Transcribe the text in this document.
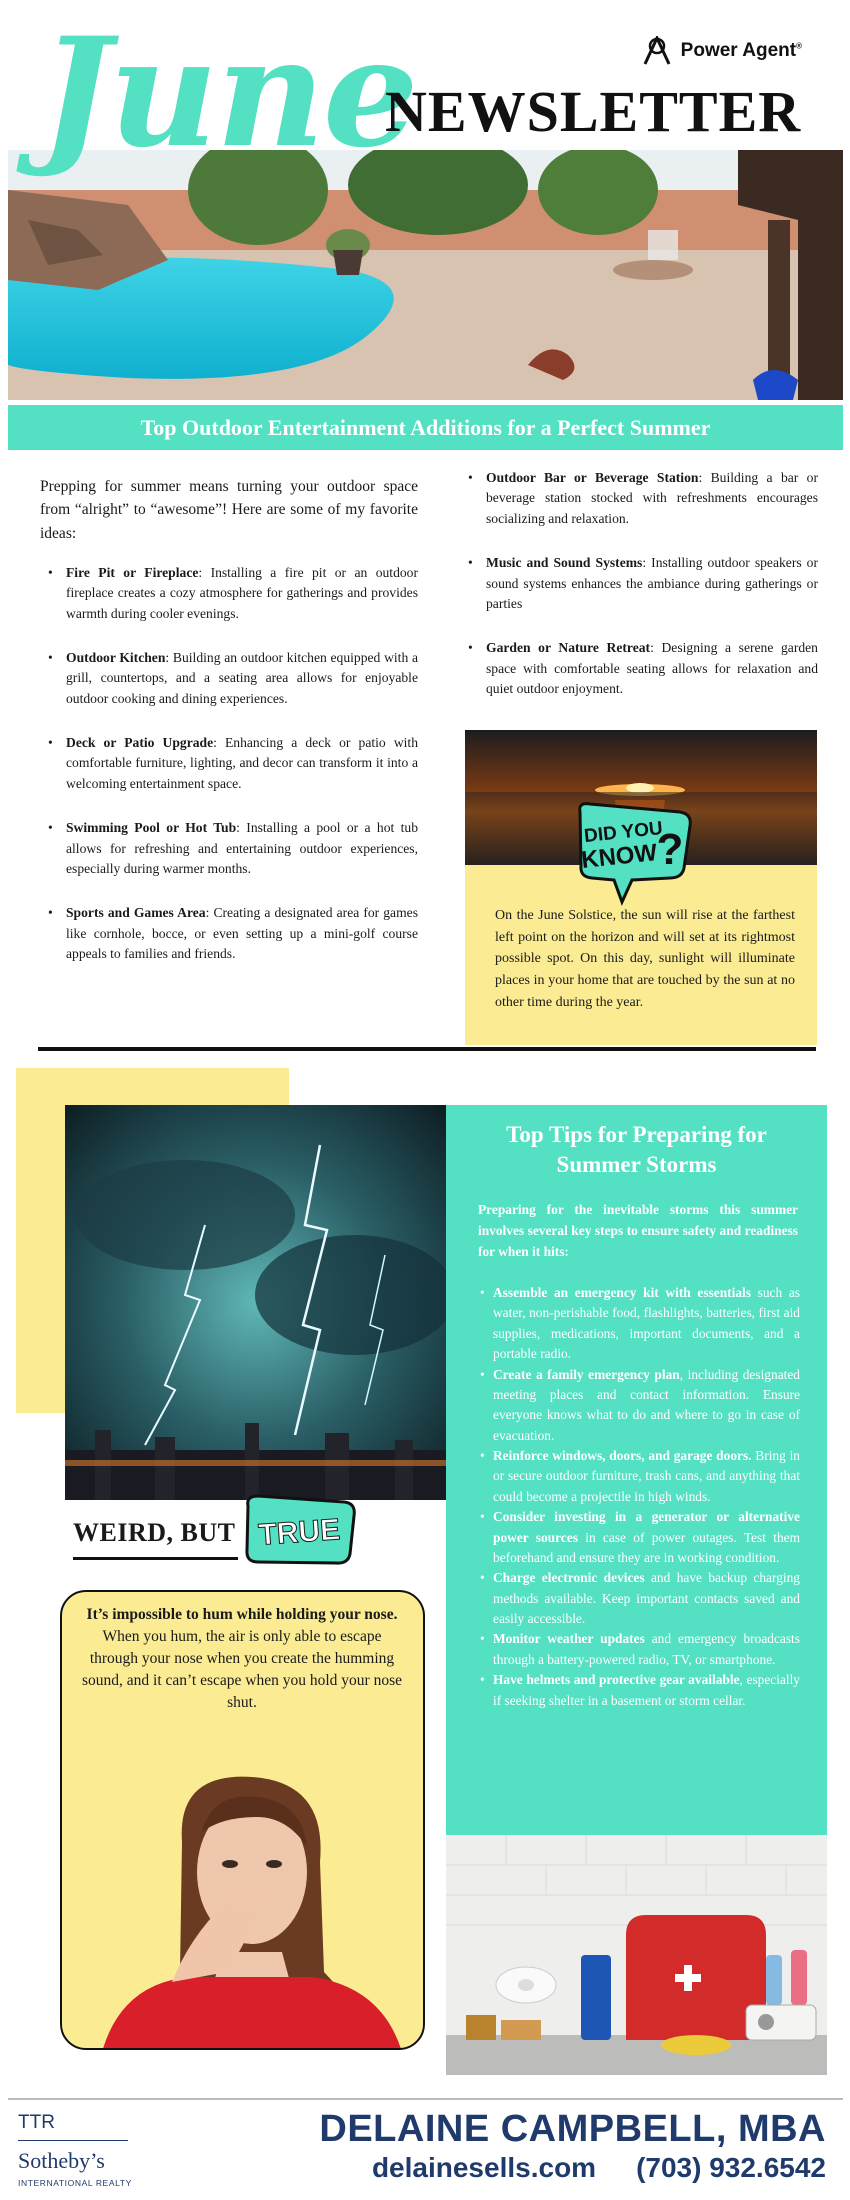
June
NEWSLETTER
Power Agent®
Top Outdoor Entertainment Additions for a Perfect Summer

Prepping for summer means turning your outdoor space from “alright” to “awesome”! Here are some of my favorite ideas:

• Fire Pit or Fireplace: Installing a fire pit or an outdoor fireplace creates a cozy atmosphere for gatherings and provides warmth during cooler evenings.
• Outdoor Kitchen: Building an outdoor kitchen equipped with a grill, countertops, and a seating area allows for enjoyable outdoor cooking and dining experiences.
• Deck or Patio Upgrade: Enhancing a deck or patio with comfortable furniture, lighting, and decor can transform it into a welcoming entertainment space.
• Swimming Pool or Hot Tub: Installing a pool or a hot tub allows for refreshing and entertaining outdoor experiences, especially during warmer months.
• Sports and Games Area: Creating a designated area for games like cornhole, bocce, or even setting up a mini-golf course appeals to families and friends.
• Outdoor Bar or Beverage Station: Building a bar or beverage station stocked with refreshments encourages socializing and relaxation.
• Music and Sound Systems: Installing outdoor speakers or sound systems enhances the ambiance during gatherings or parties
• Garden or Nature Retreat: Designing a serene garden space with comfortable seating allows for relaxation and quiet outdoor enjoyment.
DID YOU
KNOW
?

On the June Solstice, the sun will rise at the farthest left point on the horizon and will set at its rightmost possible spot. On this day, sunlight will illuminate places in your home that are touched by the sun at no other time during the year.

Top Tips for Preparing for Summer Storms

Preparing for the inevitable storms this summer involves several key steps to ensure safety and readiness for when it hits:

• Assemble an emergency kit with essentials such as water, non-perishable food, flashlights, batteries, first aid supplies, medications, important documents, and a portable radio.
• Create a family emergency plan, including designated meeting places and contact information. Ensure everyone knows what to do and where to go in case of evacuation.
• Reinforce windows, doors, and garage doors. Bring in or secure outdoor furniture, trash cans, and anything that could become a projectile in high winds.
• Consider investing in a generator or alternative power sources in case of power outages. Test them beforehand and ensure they are in working condition.
• Charge electronic devices and have backup charging methods available. Keep important contacts saved and easily accessible.
• Monitor weather updates and emergency broadcasts through a battery-powered radio, TV, or smartphone.
• Have helmets and protective gear available, especially if seeking shelter in a basement or storm cellar.
WEIRD, BUT TRUE

It’s impossible to hum while holding your nose. When you hum, the air is only able to escape through your nose when you create the humming sound, and it can’t escape when you hold your nose shut.

TTR
Sotheby’s
INTERNATIONAL REALTY
DELAINE CAMPBELL, MBA
delainesells.com (703) 932.6542
